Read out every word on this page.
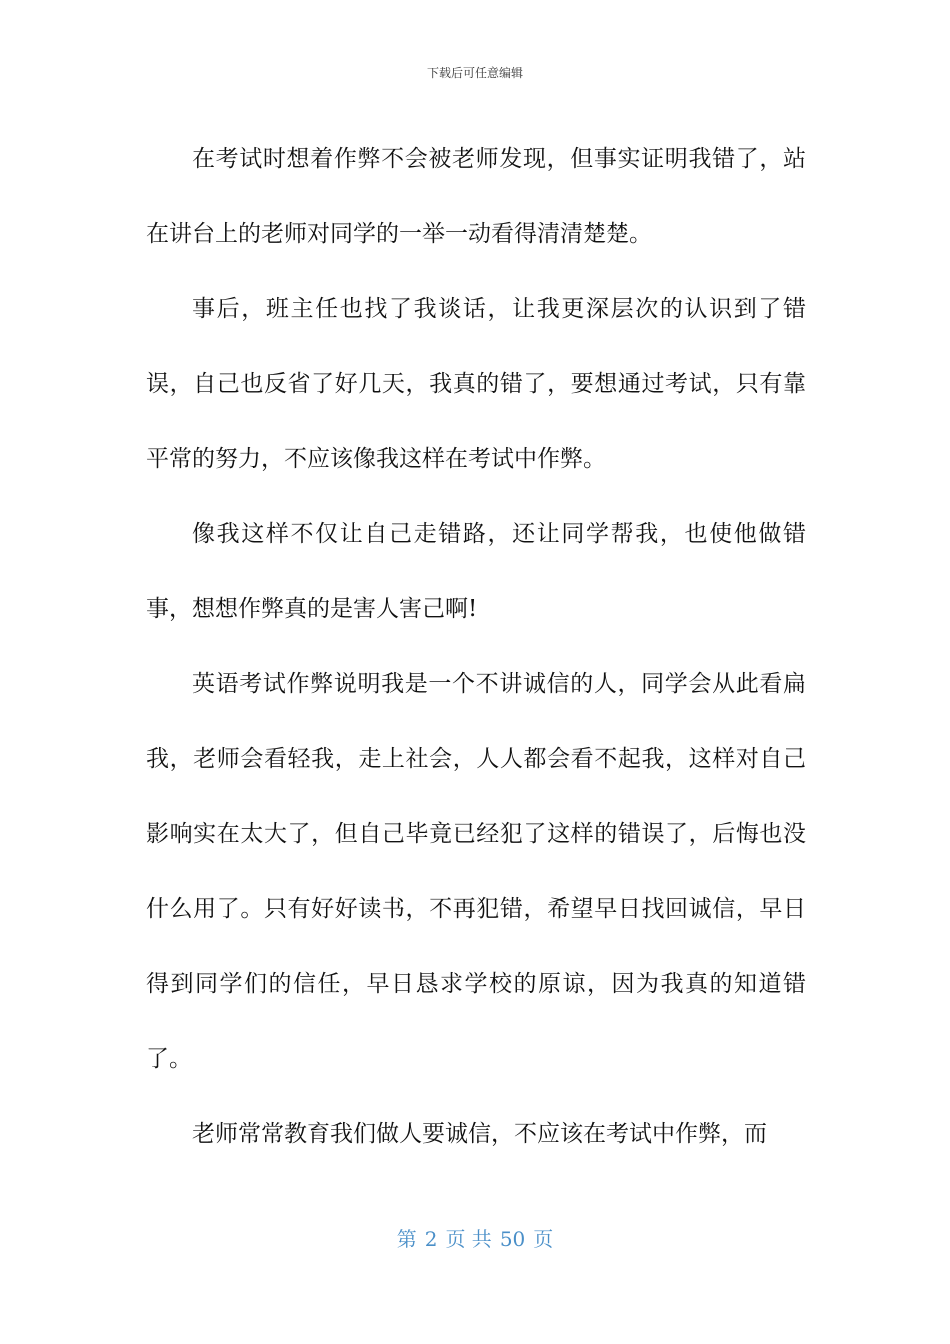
下载后可任意编辑

在考试时想着作弊不会被老师发现，但事实证明我错了，站在讲台上的老师对同学的一举一动看得清清楚楚。

事后，班主任也找了我谈话，让我更深层次的认识到了错误，自己也反省了好几天，我真的错了，要想通过考试，只有靠平常的努力，不应该像我这样在考试中作弊。

像我这样不仅让自己走错路，还让同学帮我，也使他做错事，想想作弊真的是害人害己啊!

英语考试作弊说明我是一个不讲诚信的人，同学会从此看扁我，老师会看轻我，走上社会，人人都会看不起我，这样对自己影响实在太大了，但自己毕竟已经犯了这样的错误了，后悔也没什么用了。只有好好读书，不再犯错，希望早日找回诚信，早日得到同学们的信任，早日恳求学校的原谅，因为我真的知道错了。

老师常常教育我们做人要诚信，不应该在考试中作弊，而

第 2 页 共 50 页
